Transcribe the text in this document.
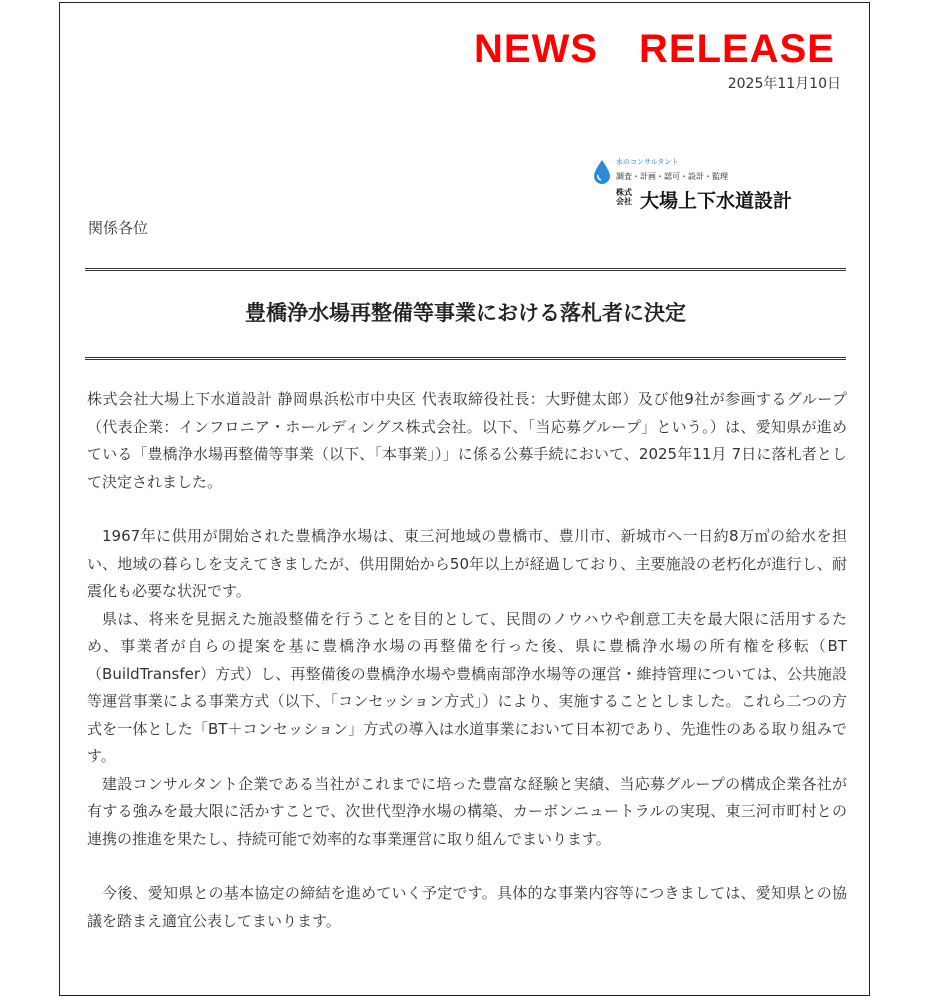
NEWS　RELEASE
2025年11月10日
水のコンサルタント
調査・計画・認可・設計・監理
株式会社 大場上下水道設計
関係各位
豊橋浄水場再整備等事業における落札者に決定

株式会社大場上下水道設計 静岡県浜松市中央区 代表取締役社長：大野健太郎）及び他9社が参画するグループ（代表企業：インフロニア・ホールディングス株式会社。以下、「当応募グループ」という。）は、愛知県が進めている「豊橋浄水場再整備等事業（以下、「本事業」）」に係る公募手続において、2025年11月 7日に落札者として決定されました。

1967年に供用が開始された豊橋浄水場は、東三河地域の豊橋市、豊川市、新城市へ一日約8万㎥の給水を担い、地域の暮らしを支えてきましたが、供用開始から50年以上が経過しており、主要施設の老朽化が進行し、耐震化も必要な状況です。

県は、将来を見据えた施設整備を行うことを目的として、民間のノウハウや創意工夫を最大限に活用するため、事業者が自らの提案を基に豊橋浄水場の再整備を行った後、県に豊橋浄水場の所有権を移転（BT（BuildTransfer）方式）し、再整備後の豊橋浄水場や豊橋南部浄水場等の運営・維持管理については、公共施設等運営事業による事業方式（以下、「コンセッション方式」）により、実施することとしました。これら二つの方式を一体とした「BT＋コンセッション」方式の導入は水道事業において日本初であり、先進性のある取り組みです。

建設コンサルタント企業である当社がこれまでに培った豊富な経験と実績、当応募グループの構成企業各社が有する強みを最大限に活かすことで、次世代型浄水場の構築、カーボンニュートラルの実現、東三河市町村との連携の推進を果たし、持続可能で効率的な事業運営に取り組んでまいります。

今後、愛知県との基本協定の締結を進めていく予定です。具体的な事業内容等につきましては、愛知県との協議を踏まえ適宜公表してまいります。
